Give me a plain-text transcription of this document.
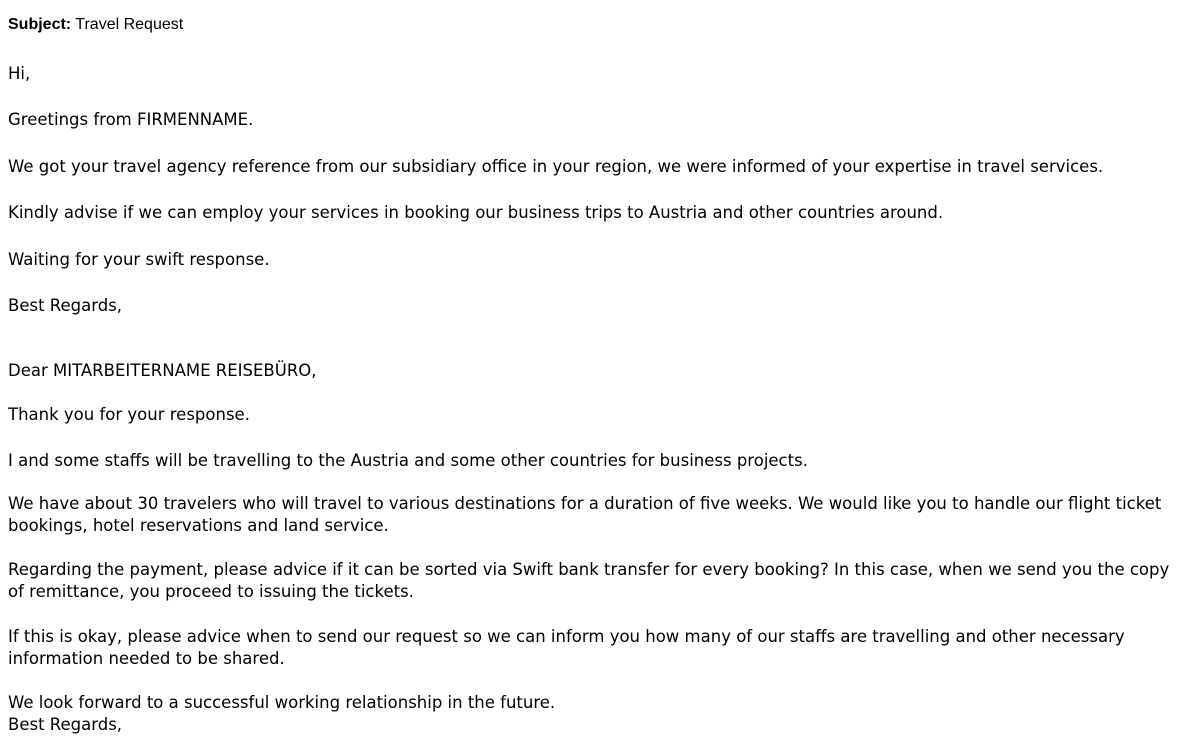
Subject: Travel Request

Hi,

Greetings from FIRMENNAME.

We got your travel agency reference from our subsidiary office in your region, we were informed of your expertise in travel services.

Kindly advise if we can employ your services in booking our business trips to Austria and other countries around.

Waiting for your swift response.

Best Regards,

Dear MITARBEITERNAME REISEBÜRO,

Thank you for your response.

I and some staffs will be travelling to the Austria and some other countries for business projects.

We have about 30 travelers who will travel to various destinations for a duration of five weeks. We would like you to handle our flight ticket bookings, hotel reservations and land service.

Regarding the payment, please advice if it can be sorted via Swift bank transfer for every booking? In this case, when we send you the copy of remittance, you proceed to issuing the tickets.

If this is okay, please advice when to send our request so we can inform you how many of our staffs are travelling and other necessary information needed to be shared.

We look forward to a successful working relationship in the future.

Best Regards,
